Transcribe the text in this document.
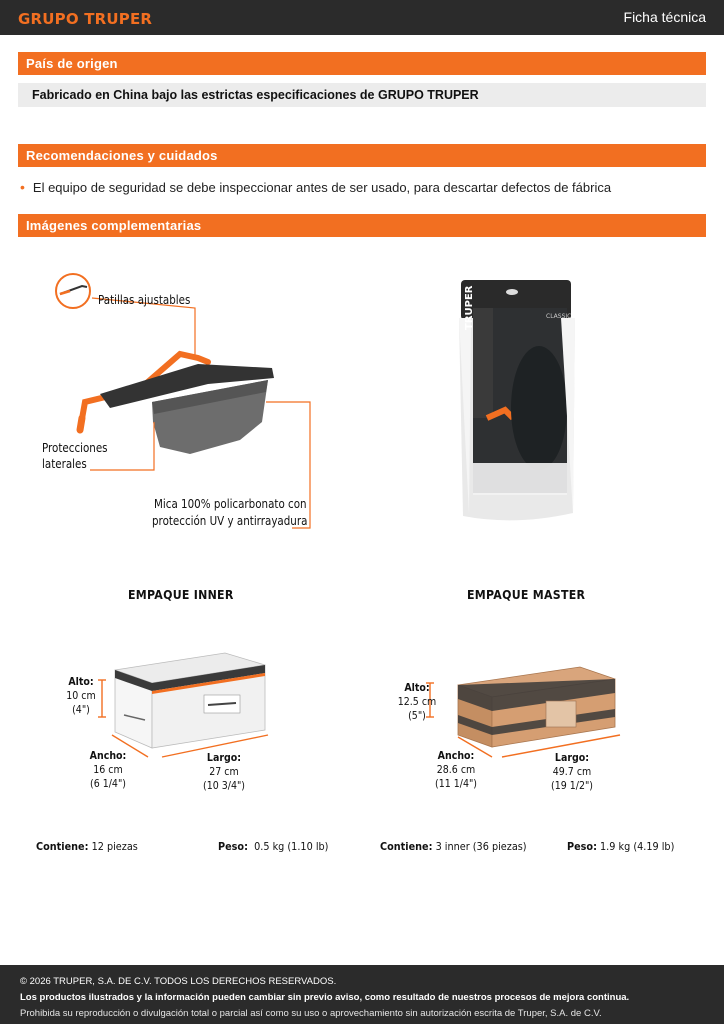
GRUPO TRUPER	Ficha técnica
País de origen
Fabricado en China bajo las estrictas especificaciones de GRUPO TRUPER
Recomendaciones y cuidados
• El equipo de seguridad se debe inspeccionar antes de ser usado, para descartar defectos de fábrica
Imágenes complementarias
Patillas ajustables
Protecciones
laterales
Mica 100% policarbonato con
protección UV y antirrayadura
TRUPER	CLASSIC
EMPAQUE INNER	EMPAQUE MASTER
Alto:
10 cm
(4")
Ancho:
16 cm
(6 1/4")
Largo:
27 cm
(10 3/4")
Alto:
12.5 cm
(5")
Ancho:
28.6 cm
(11 1/4")
Largo:
49.7 cm
(19 1/2")
Contiene: 12 piezas	Peso: 0.5 kg (1.10 lb)	Contiene: 3 inner (36 piezas)	Peso: 1.9 kg (4.19 lb)
© 2026 TRUPER, S.A. DE C.V. TODOS LOS DERECHOS RESERVADOS.
Los productos ilustrados y la información pueden cambiar sin previo aviso, como resultado de nuestros procesos de mejora continua.
Prohibida su reproducción o divulgación total o parcial así como su uso o aprovechamiento sin autorización escrita de Truper, S.A. de C.V.
